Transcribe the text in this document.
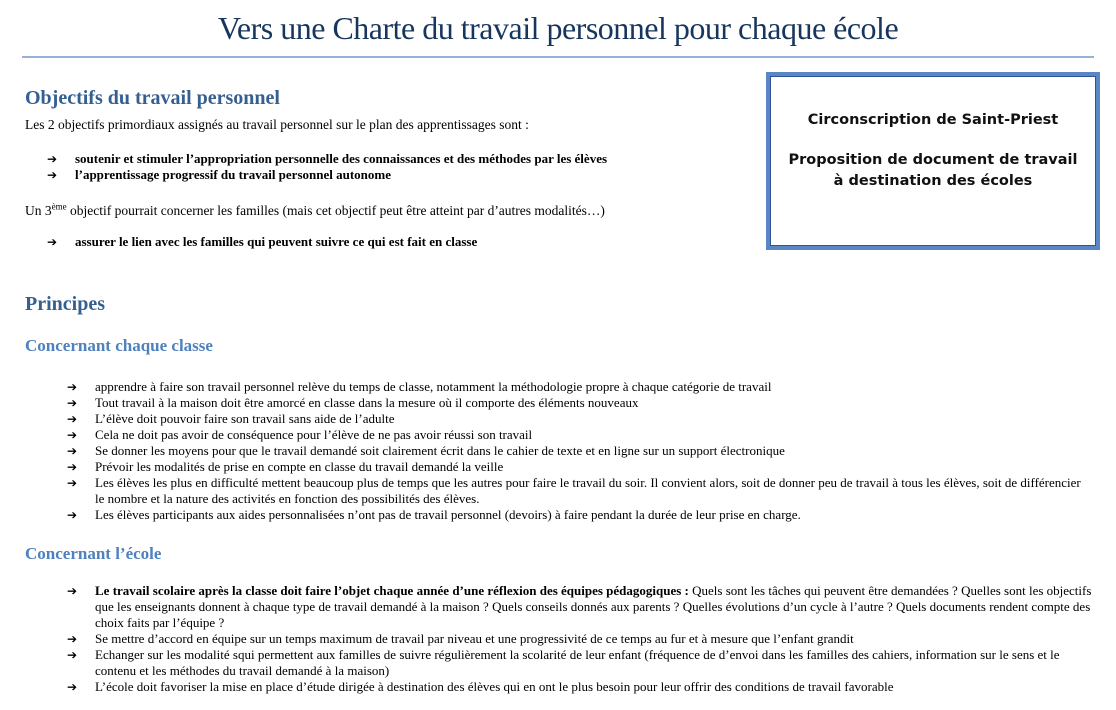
Vers une Charte du travail personnel pour chaque école

Circonscription de Saint-Priest

Proposition de document de travail

à destination des écoles

Objectifs du travail personnel

Les 2 objectifs primordiaux assignés au travail personnel sur le plan des apprentissages sont :

➔	soutenir et stimuler l’appropriation personnelle des connaissances et des méthodes par les élèves
➔	l’apprentissage progressif du travail personnel autonome

Un 3ème objectif pourrait concerner les familles (mais cet objectif peut être atteint par d’autres modalités…)

➔	assurer le lien avec les familles qui peuvent suivre ce qui est fait en classe
Principes
Concernant chaque classe
➔	apprendre à faire son travail personnel relève du temps de classe, notamment la méthodologie propre à chaque catégorie de travail
➔	Tout travail à la maison doit être amorcé en classe dans la mesure où il comporte des éléments nouveaux
➔	L’élève doit pouvoir faire son travail sans aide de l’adulte
➔	Cela ne doit pas avoir de conséquence pour l’élève de ne pas avoir réussi son travail
➔	Se donner les moyens pour que le travail demandé soit clairement écrit dans le cahier de texte et en ligne sur un support électronique
➔	Prévoir les modalités de prise en compte en classe du travail demandé la veille
➔	Les élèves les plus en difficulté mettent beaucoup plus de temps que les autres pour faire le travail du soir. Il convient alors, soit de donner peu de travail à tous les élèves, soit de différencier le nombre et la nature des activités en fonction des possibilités des élèves.
➔	Les élèves participants aux aides personnalisées n’ont pas de travail personnel (devoirs) à faire pendant la durée de leur prise en charge.
Concernant l’école
➔	Le travail scolaire après la classe doit faire l’objet chaque année d’une réflexion des équipes pédagogiques : Quels sont les tâches qui peuvent être demandées ? Quelles sont les objectifs que les enseignants donnent à chaque type de travail demandé à la maison ? Quels conseils donnés aux parents ? Quelles évolutions d’un cycle à l’autre ? Quels documents rendent compte des choix faits par l’équipe ?
➔	Se mettre d’accord en équipe sur un temps maximum de travail par niveau et une progressivité de ce temps au fur et à mesure que l’enfant grandit
➔	Echanger sur les modalité squi permettent aux familles de suivre régulièrement la scolarité de leur enfant (fréquence de d’envoi dans les familles des cahiers, information sur le sens et le contenu et les méthodes du travail demandé à la maison)
➔	L’école doit favoriser la mise en place d’étude dirigée à destination des élèves qui en ont le plus besoin pour leur offrir des conditions de travail favorable
